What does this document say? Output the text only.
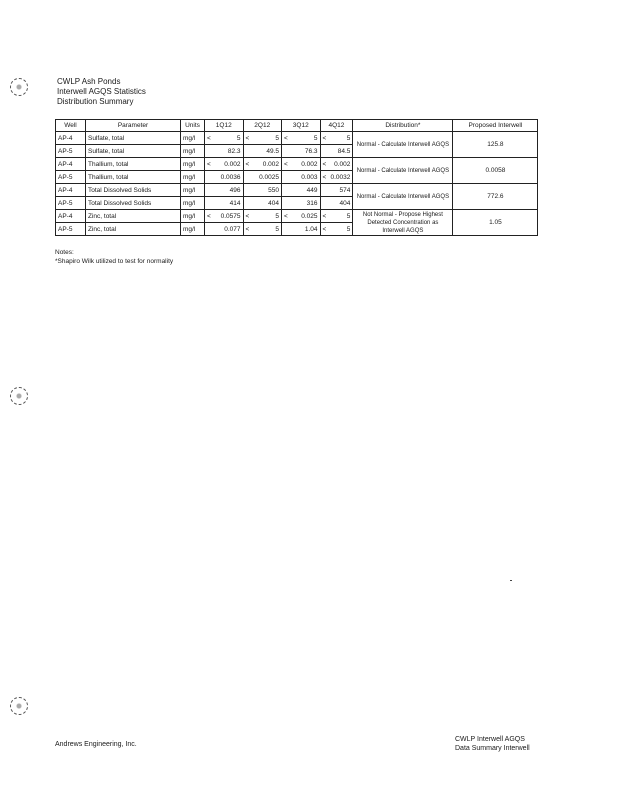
CWLP Ash Ponds
Interwell AGQS Statistics
Distribution Summary
Well	Parameter	Units	1Q12		2Q12		3Q12		4Q12		Distribution*	Proposed Interwell
AP-4	Sulfate, total	mg/l	<	5	<	5	<	5	<	5	Normal - Calculate Interwell AGQS	125.8
AP-5	Sulfate, total	mg/l		82.3		49.5		76.3		84.5		
AP-4	Thallium, total	mg/l	<	0.002	<	0.002	<	0.002	<	0.002	Normal - Calculate Interwell AGQS	0.0058
AP-5	Thallium, total	mg/l		0.0036		0.0025		0.003	<	0.0032		
AP-4	Total Dissolved Solids	mg/l		496		550		449		574	Normal - Calculate Interwell AGQS	772.6
AP-5	Total Dissolved Solids	mg/l		414		404		316		404		
AP-4	Zinc, total	mg/l	<	0.0575	<	5	<	0.025	<	5	Not Normal - Propose Highest Detected Concentration as Interwell AGQS	1.05
AP-5	Zinc, total	mg/l		0.077	<	5		1.04	<	5		
Notes:
*Shapiro Wilk utilized to test for normality
Andrews Engineering, Inc.
CWLP Interwell AGQS
Data Summary Interwell
